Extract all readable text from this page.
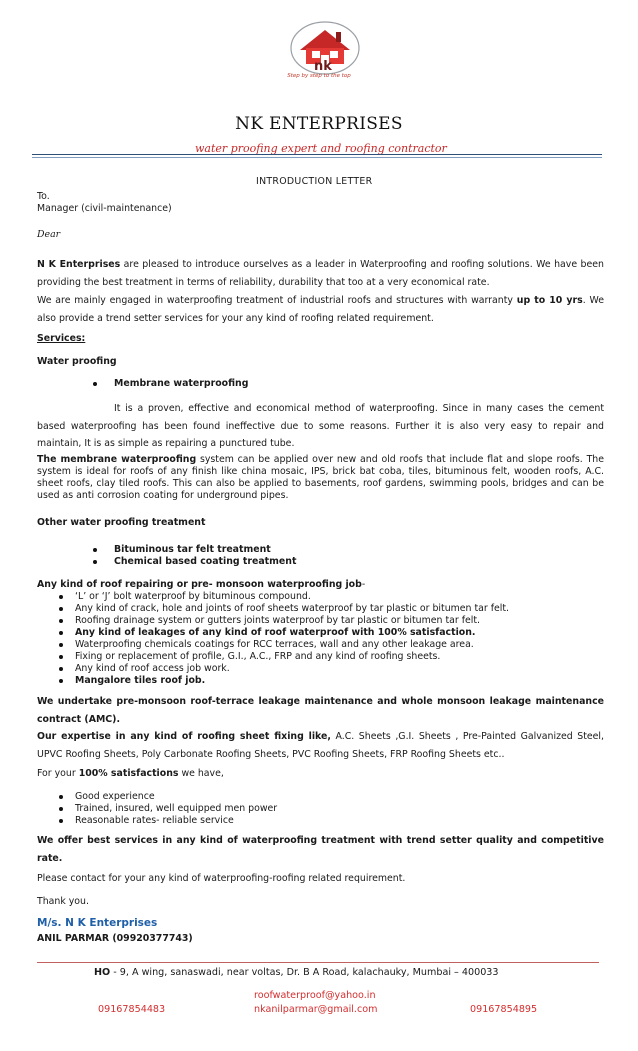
nk
Step by step to the top
NK ENTERPRISES
water proofing expert and roofing contractor
INTRODUCTION LETTER
To.
Manager (civil-maintenance)
Dear
N K Enterprises are pleased to introduce ourselves as a leader in Waterproofing and roofing solutions. We have been providing the best treatment in terms of reliability, durability that too at a very economical rate.
We are mainly engaged in waterproofing treatment of industrial roofs and structures with warranty up to 10 yrs. We also provide a trend setter services for your any kind of roofing related requirement.
Services:
Water proofing
Membrane waterproofing
It is a proven, effective and economical method of waterproofing. Since in many cases the cement based waterproofing has been found ineffective due to some reasons. Further it is also very easy to repair and maintain, It is as simple as repairing a punctured tube.
The membrane waterproofing system can be applied over new and old roofs that include flat and slope roofs. The system is ideal for roofs of any finish like china mosaic, IPS, brick bat coba, tiles, bituminous felt, wooden roofs, A.C. sheet roofs, clay tiled roofs. This can also be applied to basements, roof gardens, swimming pools, bridges and can be used as anti corrosion coating for underground pipes.
Other water proofing treatment
Bituminous tar felt treatment
Chemical based coating treatment
Any kind of roof repairing or pre- monsoon waterproofing job-
‘L’ or ‘J’ bolt waterproof by bituminous compound.
Any kind of crack, hole and joints of roof sheets waterproof by tar plastic or bitumen tar felt.
Roofing drainage system or gutters joints waterproof by tar plastic or bitumen tar felt.
Any kind of leakages of any kind of roof waterproof with 100% satisfaction.
Waterproofing chemicals coatings for RCC terraces, wall and any other leakage area.
Fixing or replacement of profile, G.I., A.C., FRP and any kind of roofing sheets.
Any kind of roof access job work.
Mangalore tiles roof job.
We undertake pre-monsoon roof-terrace leakage maintenance and whole monsoon leakage maintenance contract (AMC).
Our expertise in any kind of roofing sheet fixing like, A.C. Sheets ,G.I. Sheets , Pre-Painted Galvanized Steel, UPVC Roofing Sheets, Poly Carbonate Roofing Sheets, PVC Roofing Sheets, FRP Roofing Sheets etc..
For your 100% satisfactions we have,
Good experience
Trained, insured, well equipped men power
Reasonable rates- reliable service
We offer best services in any kind of waterproofing treatment with trend setter quality and competitive rate.
Please contact for your any kind of waterproofing-roofing related requirement.
Thank you.
M/s. N K Enterprises
ANIL PARMAR (09920377743)
HO - 9, A wing, sanaswadi, near voltas, Dr. B A Road, kalachauky, Mumbai – 400033
roofwaterproof@yahoo.in
09167854483	nkanilparmar@gmail.com	09167854895
